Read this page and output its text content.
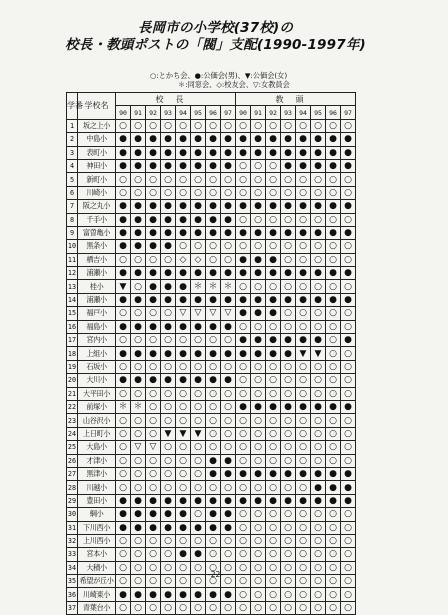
長岡市の小学校(37校)の
校長・教頭ポストの「閥」支配(1990-1997年)
○:とかち会、●:公価会(男)、▼:公価会(女)
＊:同窓会、◇:校友会、▽:女教員会
学番	学校名	校長								教頭							
		90	91	92	93	94	95	96	97	90	91	92	93	94	95	96	97
1	坂之上小	○	○	○	○	○	○	○	○	○	○	○	○	○	○	○	○
2	中島小	●	●	●	●	●	●	●	●	●	●	●	●	●	●	●	●
3	表町小	●	●	●	●	●	●	●	●	●	●	●	●	●	●	●	●
4	神田小	●	●	●	●	●	●	●	●	○	○	○	●	●	●	●	●
5	新町小	○	○	○	○	○	○	○	○	○	○	○	○	○	○	○	○
6	川崎小	○	○	○	○	○	○	○	○	○	○	○	○	○	○	○	○
7	阪之丸小	●	●	●	●	●	●	●	●	●	●	●	●	●	●	●	●
8	千手小	●	●	●	●	●	●	●	●	○	○	○	○	○	○	○	○
9	富曽亀小	●	●	●	●	●	●	●	●	●	●	●	●	●	●	●	●
10	黒条小	●	●	●	●	○	○	○	○	○	○	○	○	○	○	○	○
11	栖吉小	○	○	○	○	◇	◇	○	○	●	●	●	○	○	○	○	○
12	浦瀬小	●	●	●	●	●	●	●	●	●	●	●	●	●	●	●	●
13	桂小	▼	○	●	●	●	＊	＊	＊	○	○	○	○	○	○	○	○
14	浦瀬小	●	●	●	●	●	●	●	●	●	●	●	●	●	●	●	●
15	福戸小	○	○	○	○	▽	▽	▽	▽	●	●	●	○	○	○	○	○
16	福島小	●	●	●	●	●	●	●	●	○	○	○	○	○	○	○	○
17	宮内小	○	○	○	○	○	○	○	○	●	●	●	●	●	●	○	●
18	上組小	●	●	●	●	●	●	●	●	●	●	●	●	▼	▼	○	○
19	石坂小	○	○	○	○	○	○	○	○	○	○	○	○	○	○	○	○
20	大川小	●	●	●	●	●	●	●	●	○	○	○	○	○	○	○	○
21	大平田小	○	○	○	○	○	○	○	○	○	○	○	○	○	○	○	○
22	前塚小	＊	＊	○	○	○	○	○	○	●	●	●	●	●	●	●	●
23	山谷沢小	○	○	○	○	○	○	○	○	○	○	○	○	○	○	○	○
24	上日町小	○	○	○	▼	▼	▼	○	○	○	○	○	○	○	○	○	○
25	大島小	○	▽	▽	○	○	○	○	○	○	○	○	○	○	○	○	○
26	才津小	○	○	○	○	○	○	●	●	○	○	○	○	○	○	○	○
27	黒津小	○	○	○	○	○	○	●	●	●	●	●	●	●	●	●	●
28	川越小	○	○	○	○	○	○	○	○	○	○	○	○	○	●	●	●
29	豊田小	●	●	●	●	●	●	●	●	●	●	●	●	●	●	●	●
30	綱小	●	●	●	●	●	○	●	●	○	○	○	○	○	○	○	○
31	下川西小	●	●	●	●	●	●	●	●	○	○	○	○	○	○	○	○
32	上川西小	○	○	○	○	○	○	○	○	○	○	○	○	○	○	○	○
33	宮本小	○	○	○	○	●	●	○	○	○	○	○	○	○	○	○	○
34	大積小	○	○	○	○	○	○	○	○	○	○	○	○	○	○	○	○
35	希望が丘小	○	○	○	○	○	○	○	○	○	○	○	○	○	○	○	○
36	川崎東小	●	●	●	●	●	●	●	●	○	○	○	○	○	○	○	○
37	青葉台小	○	○	○	○	○	○	○	○	○	○	○	○	○	○	○	○
-22-
